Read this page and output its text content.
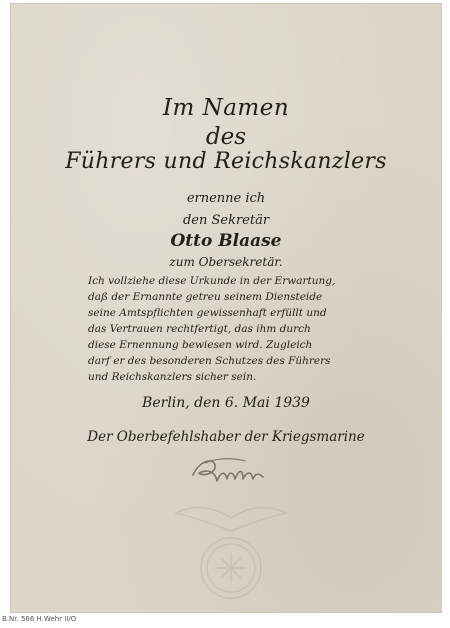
Im Namen
des
Führers und Reichskanzlers
ernenne ich
den Sekretär
Otto Blaase
zum Obersekretär.
Ich vollziehe diese Urkunde in der Erwartung,
daß der Ernannte getreu seinem Diensteide
seine Amtspflichten gewissenhaft erfüllt und
das Vertrauen rechtfertigt, das ihm durch
diese Ernennung bewiesen wird. Zugleich
darf er des besonderen Schutzes des Führers
und Reichskanzlers sicher sein.
Berlin, den 6. Mai 1939
Der Oberbefehlshaber der Kriegsmarine
B.Nr. 566 H.Wehr II/O
